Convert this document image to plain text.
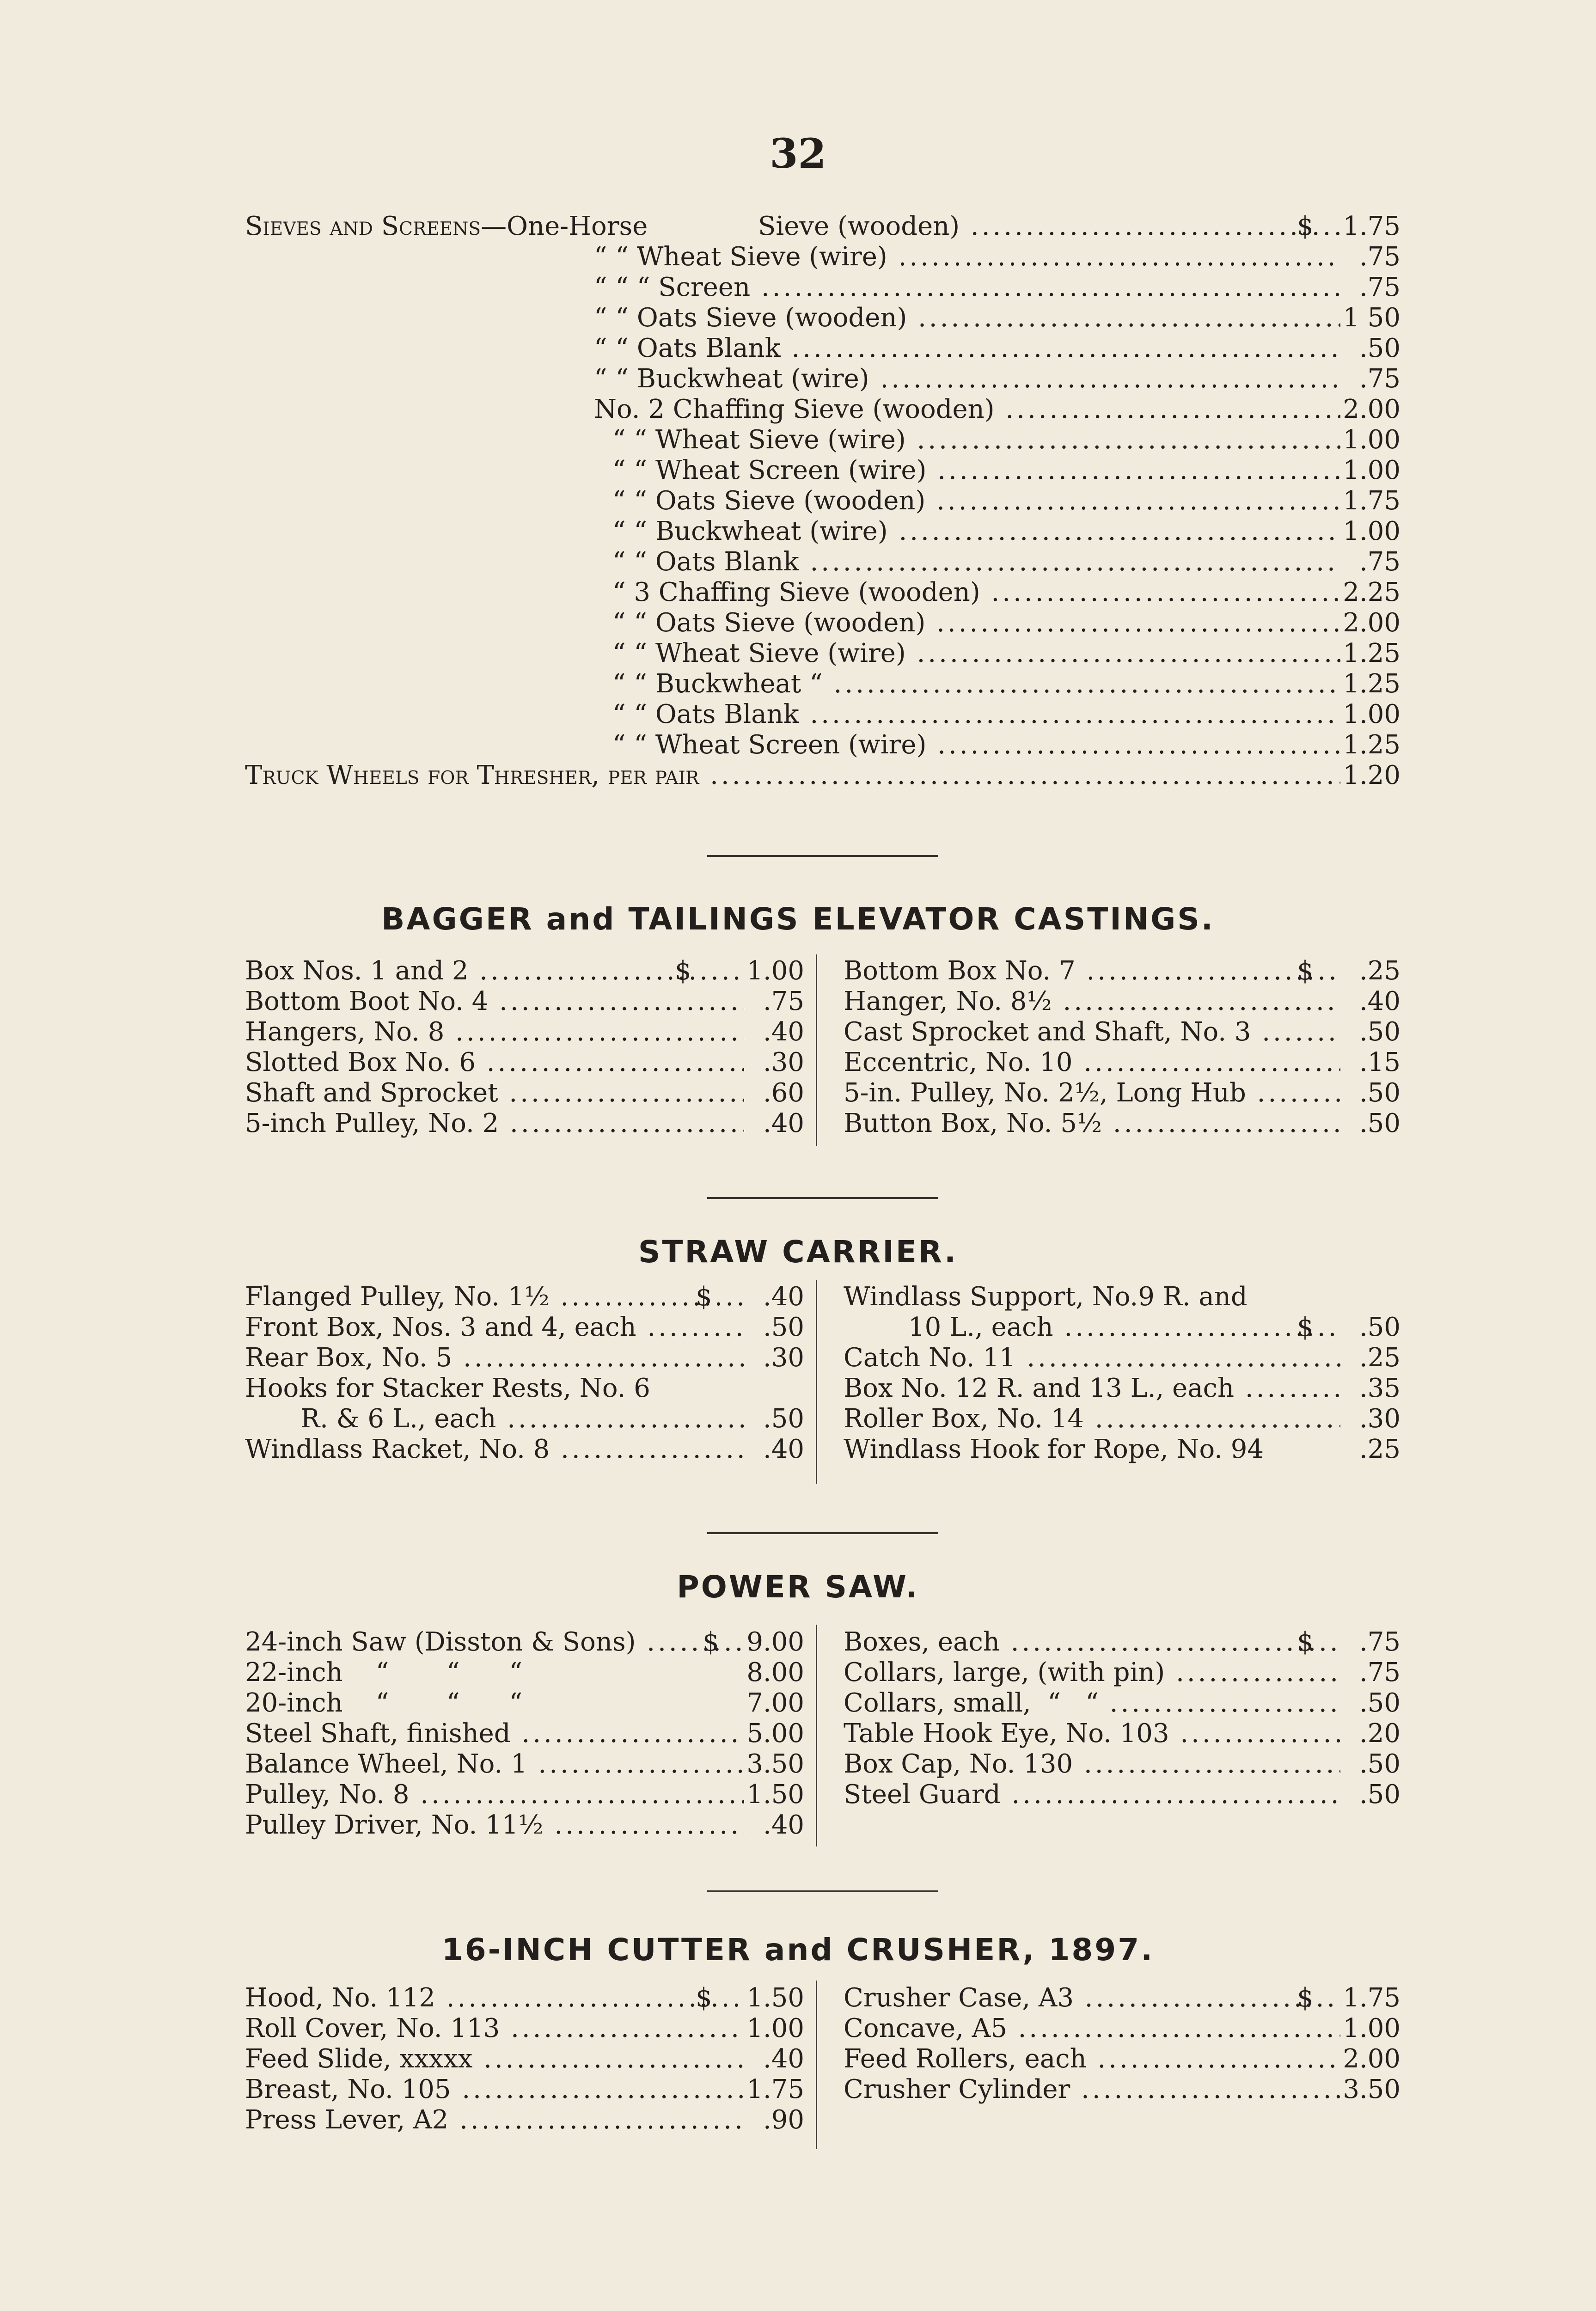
32
Sieves and Screens—One-Horse	Sieve (wooden) .....	1.75
$
“ “ Wheat Sieve (wire) .....	.75
“ “ “ Screen .....	.75
“ “ Oats Sieve (wooden) .....	1 50
“ “ Oats Blank .....	.50
“ “ Buckwheat (wire) .....	.75
No. 2 Chaffing Sieve (wooden) .....	2.00
“ “ Wheat Sieve (wire) .....	1.00
“ “ Wheat Screen (wire) .....	1.00
“ “ Oats Sieve (wooden) .....	1.75
“ “ Buckwheat (wire) .....	1.00
“ “ Oats Blank .....	.75
“ 3 Chaffing Sieve (wooden) .....	2.25
“ “ Oats Sieve (wooden) .....	2.00
“ “ Wheat Sieve (wire) .....	1.25
“ “ Buckwheat “ .....	1.25
“ “ Oats Blank .....	1.00
“ “ Wheat Screen (wire) .....	1.25
Truck Wheels for Thresher, per pair .....	1.20
BAGGER and TAILINGS ELEVATOR CASTINGS.
Box Nos. 1 and 2 .....	1.00
$
Bottom Boot No. 4 .....	.75
Hangers, No. 8 .....	.40
Slotted Box No. 6 .....	.30
Shaft and Sprocket .....	.60
5-inch Pulley, No. 2 .....	.40
Bottom Box No. 7 .....	.25
$
Hanger, No. 8½ .....	.40
Cast Sprocket and Shaft, No. 3 .....	.50
Eccentric, No. 10 .....	.15
5-in. Pulley, No. 2½, Long Hub .....	.50
Button Box, No. 5½ .....	.50
STRAW CARRIER.
Flanged Pulley, No. 1½ .....	.40
$
Front Box, Nos. 3 and 4, each .....	.50
Rear Box, No. 5 .....	.30
Hooks for Stacker Rests, No. 6
R. & 6 L., each .....	.50
Windlass Racket, No. 8 .....	.40
Windlass Support, No.9 R. and
10 L., each .....	.50
$
Catch No. 11 .....	.25
Box No. 12 R. and 13 L., each .....	.35
Roller Box, No. 14 .....	.30
Windlass Hook for Rope, No. 94	.25
POWER SAW.
24-inch Saw (Disston & Sons) .....	9.00
$
22-inch    “       “      “	8.00
20-inch    “       “      “	7.00
Steel Shaft, finished .....	5.00
Balance Wheel, No. 1 .....	3.50
Pulley, No. 8 .....	1.50
Pulley Driver, No. 11½ .....	.40
Boxes, each .....	.75
$
Collars, large, (with pin) .....	.75
Collars, small,  “   “ .....	.50
Table Hook Eye, No. 103 .....	.20
Box Cap, No. 130 .....	.50
Steel Guard .....	.50
16-INCH CUTTER and CRUSHER, 1897.
Hood, No. 112 .....	1.50
$
Roll Cover, No. 113 .....	1.00
Feed Slide, xxxxx .....	.40
Breast, No. 105 .....	1.75
Press Lever, A2 .....	.90
Crusher Case, A3 .....	1.75
$
Concave, A5 .....	1.00
Feed Rollers, each .....	2.00
Crusher Cylinder .....	3.50
